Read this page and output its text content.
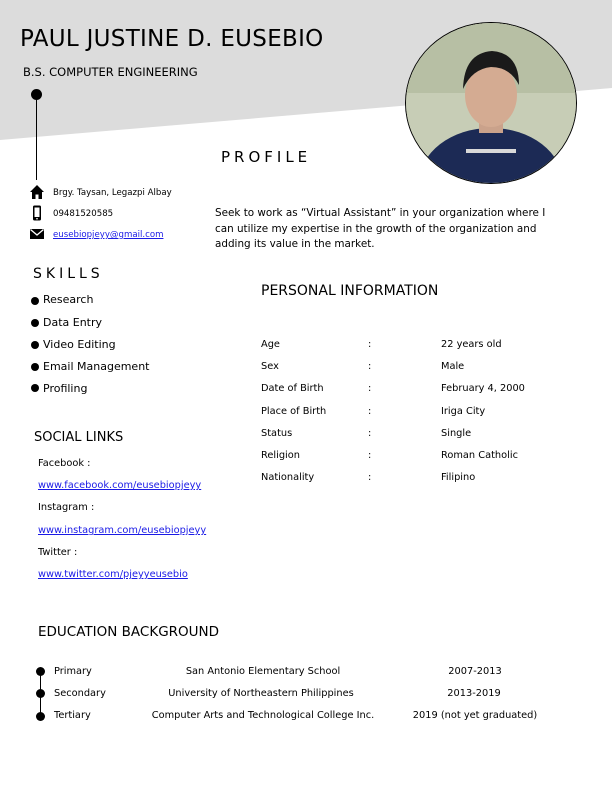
PAUL JUSTINE D. EUSEBIO
B.S. COMPUTER ENGINEERING
Brgy. Taysan, Legazpi Albay
09481520585
eusebiopjeyy@gmail.com
PROFILE
Seek to work as “Virtual Assistant” in your organization where I can utilize my expertise in the growth of the organization and adding its value in the market.
SKILLS
Research
Data Entry
Video Editing
Email Management
Profiling
PERSONAL INFORMATION
Age	:	22 years old
Sex	:	Male
Date of Birth	:	February 4, 2000
Place of Birth	:	Iriga City
Status	:	Single
Religion	:	Roman Catholic
Nationality	:	Filipino
SOCIAL LINKS
Facebook :
www.facebook.com/eusebiopjeyy
Instagram :
www.instagram.com/eusebiopjeyy
Twitter :
www.twitter.com/pjeyyeusebio
EDUCATION BACKGROUND
Primary	San Antonio Elementary School	2007-2013
Secondary	University of Northeastern Philippines	2013-2019
Tertiary	Computer Arts and Technological College Inc.	2019 (not yet graduated)
